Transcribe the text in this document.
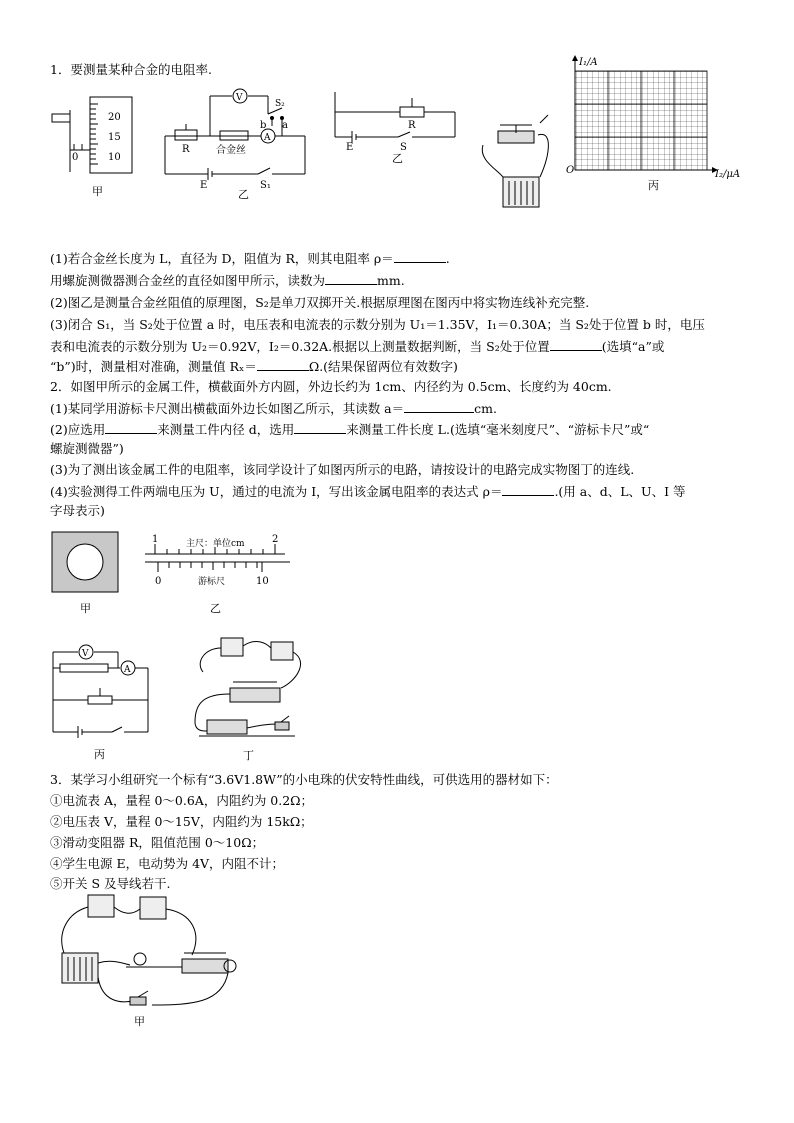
1．要测量某种合金的电阻率.
20
15
10
0
甲
V
A
R	合金丝
S₂
a
b
E	S₁
乙
R
E	S
乙
I₁/A
I₂/μA
O
丙
(1)若合金丝长度为 L，直径为 D，阻值为 R，则其电阻率 ρ＝	.
用螺旋测微器测合金丝的直径如图甲所示，读数为	mm.
(2)图乙是测量合金丝阻值的原理图，S₂是单刀双掷开关.根据原理图在图丙中将实物连线补充完整.
(3)闭合 S₁，当 S₂处于位置 a 时，电压表和电流表的示数分别为 U₁＝1.35V，I₁＝0.30A；当 S₂处于位置 b 时，电压
表和电流表的示数分别为 U₂＝0.92V，I₂＝0.32A.根据以上测量数据判断，当 S₂处于位置	(选填“a”或
“b”)时，测量相对准确，测量值 Rₓ＝	Ω.(结果保留两位有效数字)
2．如图甲所示的金属工件，横截面外方内圆，外边长约为 1cm、内径约为 0.5cm、长度约为 40cm.
(1)某同学用游标卡尺测出横截面外边长如图乙所示，其读数 a＝	cm.
(2)应选用	来测量工件内径 d，选用	来测量工件长度 L.(选填“毫米刻度尺”、“游标卡尺”或“
螺旋测微器”)
(3)为了测出该金属工件的电阻率，该同学设计了如图丙所示的电路，请按设计的电路完成实物图丁的连线.
(4)实验测得工件两端电压为 U，通过的电流为 I，写出该金属电阻率的表达式 ρ＝	.(用 a、d、L、U、I 等
字母表示)
甲
1	2
主尺：单位cm
0	10
游标尺
乙
V
A
丙	丁
3．某学习小组研究一个标有“3.6V1.8W”的小电珠的伏安特性曲线，可供选用的器材如下：
①电流表 A，量程 0～0.6A，内阻约为 0.2Ω；
②电压表 V，量程 0～15V，内阻约为 15kΩ；
③滑动变阻器 R，阻值范围 0～10Ω；
④学生电源 E，电动势为 4V，内阻不计；
⑤开关 S 及导线若干.
甲
